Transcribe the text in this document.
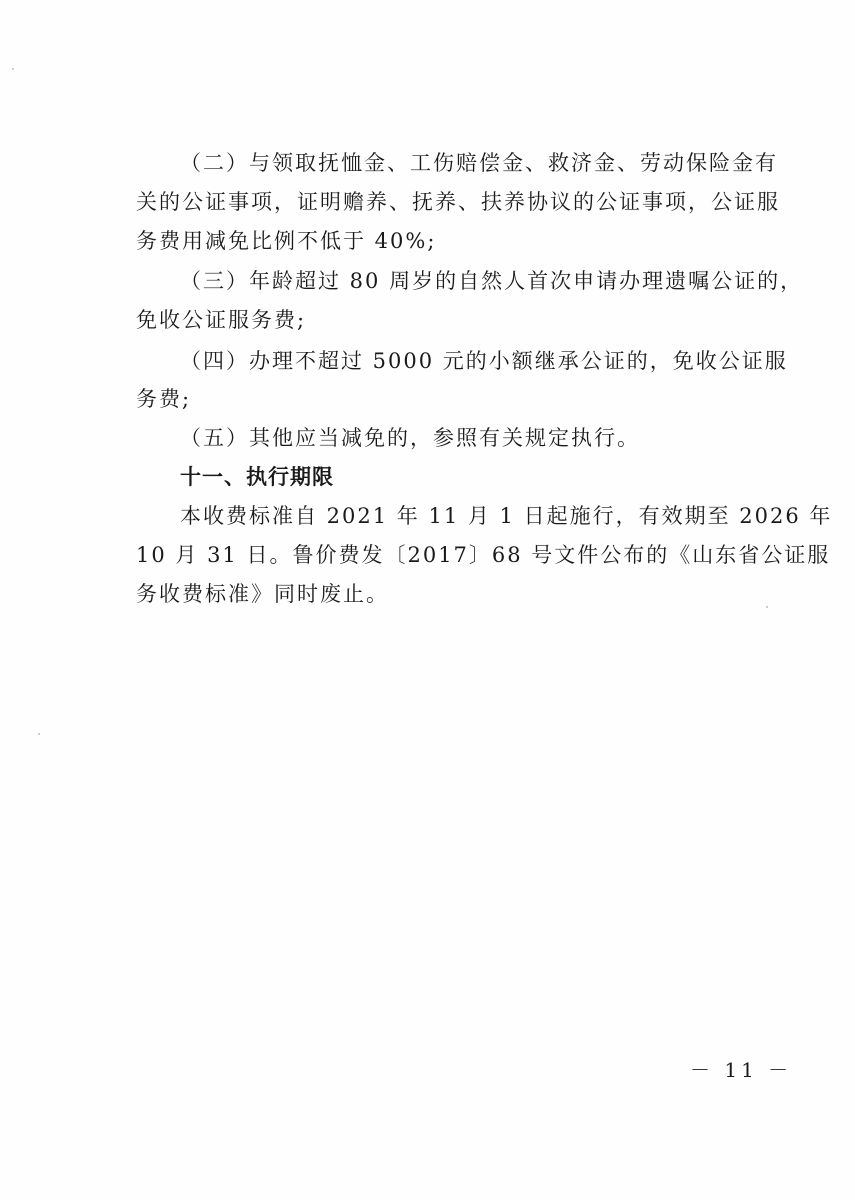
（二）与领取抚恤金、工伤赔偿金、救济金、劳动保险金有
关的公证事项，证明赡养、抚养、扶养协议的公证事项，公证服
务费用减免比例不低于 40%;
（三）年龄超过 80 周岁的自然人首次申请办理遗嘱公证的，
免收公证服务费;
（四）办理不超过 5000 元的小额继承公证的，免收公证服
务费;
（五）其他应当减免的，参照有关规定执行。
十一、执行期限
本收费标准自 2021 年 11 月 1 日起施行，有效期至 2026 年
10 月 31 日。鲁价费发〔2017〕68 号文件公布的《山东省公证服
务收费标准》同时废止。
－ 11 －
